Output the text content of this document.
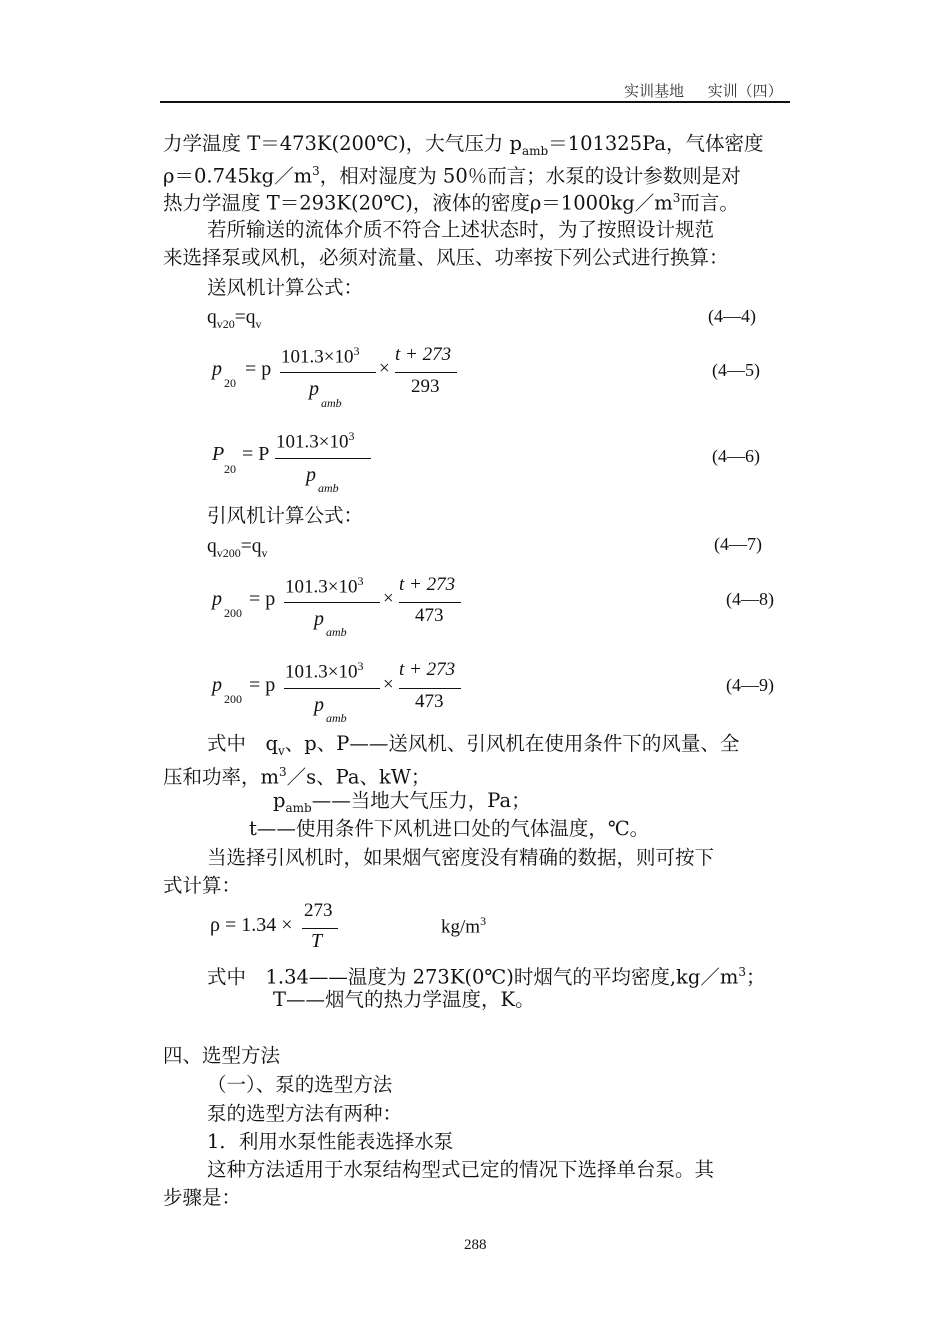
实训基地 实训（四）
力学温度 T＝473K(200℃)，大气压力 $p_{amb}=101325Pa$，气体密度
$\rho=0.745kg/m^3$，相对湿度为 50％而言；水泵的设计参数则是对
热力学温度 T＝293K(20℃)，液体的密度$\rho=1000kg/m^3$而言。
若所输送的流体介质不符合上述状态时，为了按照设计规范
来选择泵或风机，必须对流量、风压、功率按下列公式进行换算：
送风机计算公式：
$q_{v20}=q_v$	(4—4)
p
20
= p
$101.3\times 10^3$
p
amb
×
t + 273
293
(4—5)
P
20
= P
$101.3\times 10^3$
p
amb
(4—6)
引风机计算公式：
$q_{v200}=q_v$	(4—7)
p
200
= p
$101.3\times 10^3$
p
amb
×
t + 273
473
(4—8)
p
200
= p
$101.3\times 10^3$
p
amb
×
t + 273
473
(4—9)
式中　$q_v$、p、P——送风机、引风机在使用条件下的风量、全
压和功率，$m^3/s$、Pa、kW；
$p_{amb}——$当地大气压力，Pa；
t——使用条件下风机进口处的气体温度，℃。
当选择引风机时，如果烟气密度没有精确的数据，则可按下
式计算：
ρ = 1.34 ×
273
T
$kg/m^3$
式中　1.34——温度为 273K(0℃)时烟气的平均密度$,kg/m^3$；
T——烟气的热力学温度，K。
四、选型方法
（一）、泵的选型方法
泵的选型方法有两种：
1．利用水泵性能表选择水泵
这种方法适用于水泵结构型式已定的情况下选择单台泵。其
步骤是：
288
